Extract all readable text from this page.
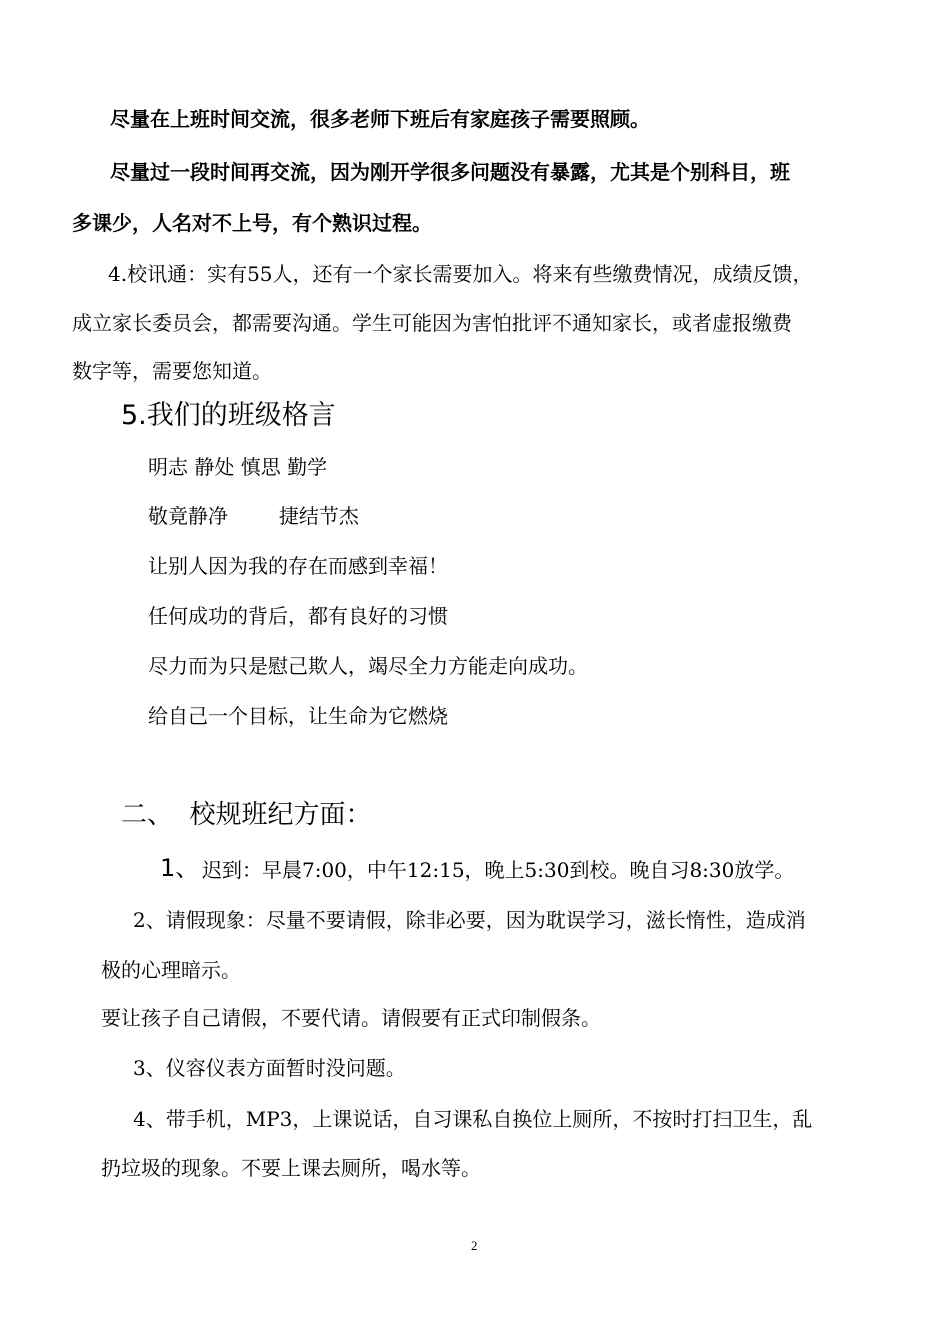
尽量在上班时间交流，很多老师下班后有家庭孩子需要照顾。
尽量过一段时间再交流，因为刚开学很多问题没有暴露，尤其是个别科目，班
多课少，人名对不上号，有个熟识过程。
4.校讯通：实有55人，还有一个家长需要加入。将来有些缴费情况，成绩反馈，
成立家长委员会，都需要沟通。学生可能因为害怕批评不通知家长，或者虚报缴费
数字等，需要您知道。
5.我们的班级格言
明志 静处 慎思 勤学
敬竟静净        捷结节杰
让别人因为我的存在而感到幸福！
任何成功的背后，都有良好的习惯
尽力而为只是慰己欺人，竭尽全力方能走向成功。
给自己一个目标，让生命为它燃烧
二、  校规班纪方面：
1、 迟到：早晨7:00，中午12:15，晚上5:30到校。晚自习8:30放学。
2、请假现象：尽量不要请假，除非必要，因为耽误学习，滋长惰性，造成消
极的心理暗示。
要让孩子自己请假，不要代请。请假要有正式印制假条。
3、仪容仪表方面暂时没问题。
4、带手机，MP3，上课说话，自习课私自换位上厕所，不按时打扫卫生，乱
扔垃圾的现象。不要上课去厕所，喝水等。
2
